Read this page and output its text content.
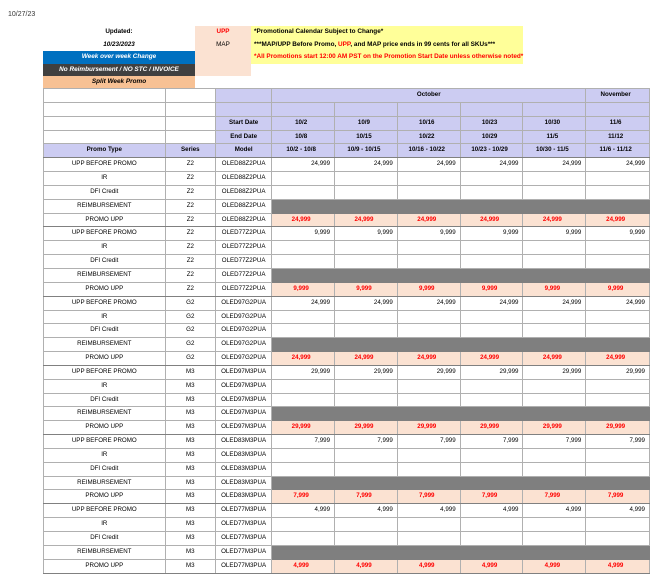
10/27/23
Updated:	UPP	*Promotional Calendar Subject to Change*
10/23/2023	MAP	***MAP/UPP Before Promo, UPP, and MAP price ends in 99 cents for all SKUs***
Week over week Change		*All Promotions start 12:00 AM PST on the Promotion Start Date unless otherwise noted*
No Reimbursement / NO STC / INVOICE		
Split Week Promo		
			October					November

		Start Date	10/2	10/9	10/16	10/23	10/30	11/6
		End Date	10/8	10/15	10/22	10/29	11/5	11/12
Promo Type	Series	Model	10/2 - 10/8	10/9 - 10/15	10/16 - 10/22	10/23 - 10/29	10/30 - 11/5	11/6 - 11/12
UPP BEFORE PROMO	Z2	OLED88Z2PUA	24,999	24,999	24,999	24,999	24,999	24,999
IR	Z2	OLED88Z2PUA						
DFI Credit	Z2	OLED88Z2PUA						
REIMBURSEMENT	Z2	OLED88Z2PUA						
PROMO UPP	Z2	OLED88Z2PUA	24,999	24,999	24,999	24,999	24,999	24,999
UPP BEFORE PROMO	Z2	OLED77Z2PUA	9,999	9,999	9,999	9,999	9,999	9,999
IR	Z2	OLED77Z2PUA						
DFI Credit	Z2	OLED77Z2PUA						
REIMBURSEMENT	Z2	OLED77Z2PUA						
PROMO UPP	Z2	OLED77Z2PUA	9,999	9,999	9,999	9,999	9,999	9,999
UPP BEFORE PROMO	G2	OLED97G2PUA	24,999	24,999	24,999	24,999	24,999	24,999
IR	G2	OLED97G2PUA						
DFI Credit	G2	OLED97G2PUA						
REIMBURSEMENT	G2	OLED97G2PUA						
PROMO UPP	G2	OLED97G2PUA	24,999	24,999	24,999	24,999	24,999	24,999
UPP BEFORE PROMO	M3	OLED97M3PUA	29,999	29,999	29,999	29,999	29,999	29,999
IR	M3	OLED97M3PUA						
DFI Credit	M3	OLED97M3PUA						
REIMBURSEMENT	M3	OLED97M3PUA						
PROMO UPP	M3	OLED97M3PUA	29,999	29,999	29,999	29,999	29,999	29,999
UPP BEFORE PROMO	M3	OLED83M3PUA	7,999	7,999	7,999	7,999	7,999	7,999
IR	M3	OLED83M3PUA						
DFI Credit	M3	OLED83M3PUA						
REIMBURSEMENT	M3	OLED83M3PUA						
PROMO UPP	M3	OLED83M3PUA	7,999	7,999	7,999	7,999	7,999	7,999
UPP BEFORE PROMO	M3	OLED77M3PUA	4,999	4,999	4,999	4,999	4,999	4,999
IR	M3	OLED77M3PUA						
DFI Credit	M3	OLED77M3PUA						
REIMBURSEMENT	M3	OLED77M3PUA						
PROMO UPP	M3	OLED77M3PUA	4,999	4,999	4,999	4,999	4,999	4,999
